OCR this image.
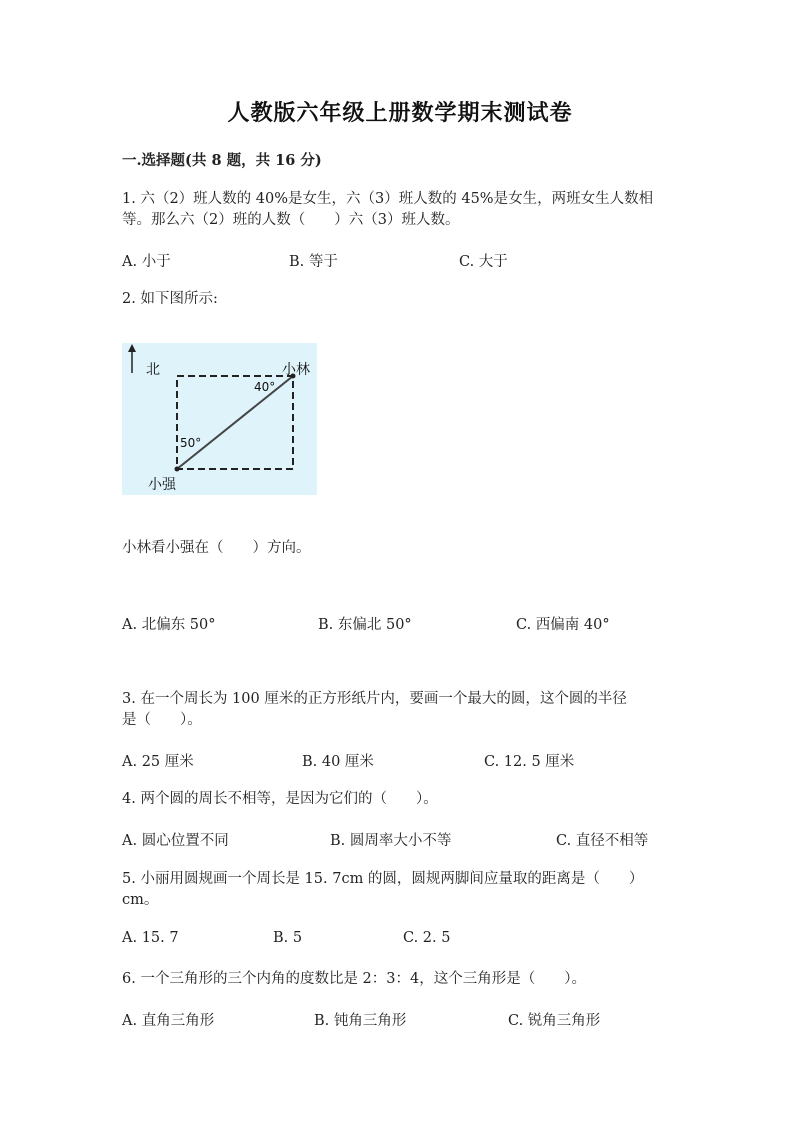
人教版六年级上册数学期末测试卷
一.选择题(共 8 题，共 16 分)
1. 六（2）班人数的 40%是女生，六（3）班人数的 45%是女生，两班女生人数相
等。那么六（2）班的人数（　　）六（3）班人数。
A. 小于	B. 等于	C. 大于
2. 如下图所示:
北	小林
小强
40°
50°
小林看小强在（　　）方向。
A. 北偏东 50°	B. 东偏北 50°	C. 西偏南 40°
3. 在一个周长为 100 厘米的正方形纸片内，要画一个最大的圆，这个圆的半径
是（　　）。
A. 25 厘米	B. 40 厘米	C. 12. 5 厘米
4. 两个圆的周长不相等，是因为它们的（　　）。
A. 圆心位置不同	B. 圆周率大小不等	C. 直径不相等
5. 小丽用圆规画一个周长是 15. 7cm 的圆，圆规两脚间应量取的距离是（　　）
cm。
A. 15. 7	B. 5	C. 2. 5
6. 一个三角形的三个内角的度数比是 2：3：4，这个三角形是（　　）。
A. 直角三角形	B. 钝角三角形	C. 锐角三角形
